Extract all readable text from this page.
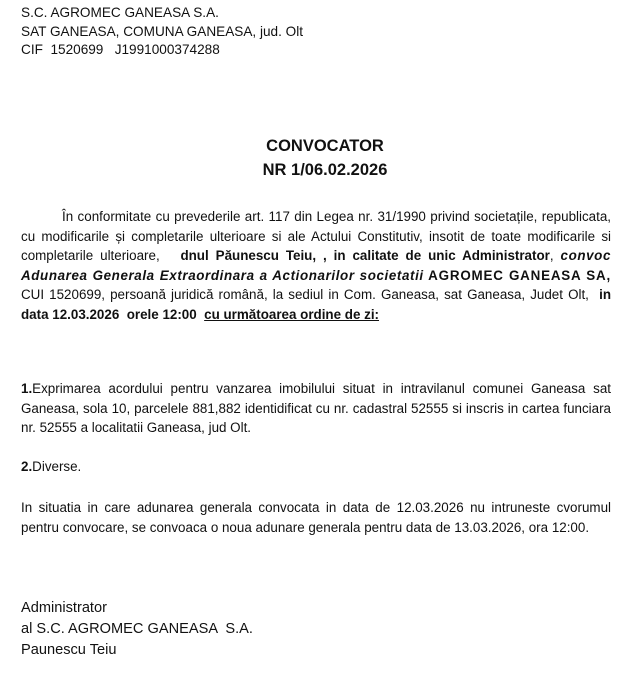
S.C. AGROMEC GANEASA S.A.
SAT GANEASA, COMUNA GANEASA, jud. Olt
CIF  1520699   J1991000374288
CONVOCATOR
NR 1/06.02.2026
În conformitate cu prevederile art. 117 din Legea nr. 31/1990 privind societațile, republicata, cu modificarile și completarile ulterioare si ale Actului Constitutiv, insotit de toate modificarile si completarile ulterioare,   dnul Păunescu Teiu, , in calitate de unic Administrator, convoc Adunarea Generala Extraordinara a Actionarilor societatii AGROMEC GANEASA SA, CUI 1520699, persoană juridică română, la sediul in Com. Ganeasa, sat Ganeasa, Judet Olt,  in data 12.03.2026  orele 12:00 cu următoarea ordine de zi:
1.Exprimarea acordului pentru vanzarea imobilului situat in intravilanul comunei Ganeasa sat Ganeasa, sola 10, parcelele 881,882 identidificat cu nr. cadastral 52555 si inscris in cartea funciara nr. 52555 a localitatii Ganeasa, jud Olt.
2.Diverse.
In situatia in care adunarea generala convocata in data de 12.03.2026 nu intruneste cvorumul pentru convocare, se convoaca o noua adunare generala pentru data de 13.03.2026, ora 12:00.
Administrator
al S.C. AGROMEC GANEASA  S.A.
Paunescu Teiu
